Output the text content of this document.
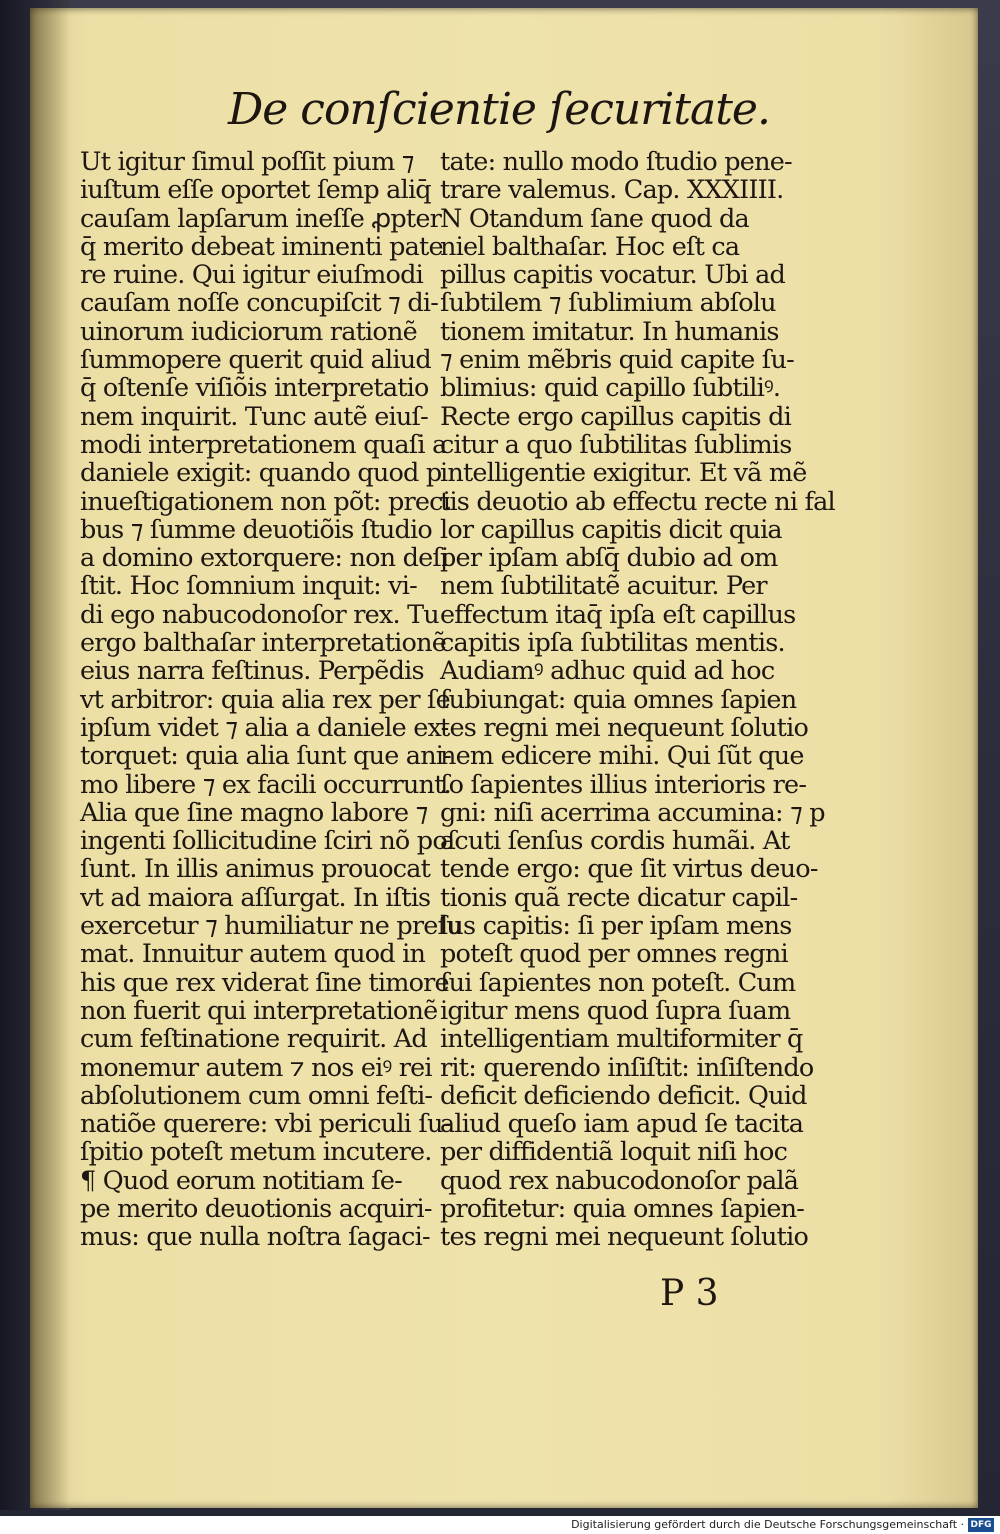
De conſcientie ſecuritate.
Ut igitur ſimul poſſit pium ⁊
iuſtum eſſe oportet ſemp aliq̄
cauſam lapſarum ineſſe ꝓpter
q̄ merito debeat iminenti pate
re ruine. Qui igitur eiuſmodi
cauſam noſſe concupiſcit ⁊ di-
uinorum iudiciorum rationẽ
ſummopere querit quid aliud
q̄ oſtenſe viſiõis interpretatio
nem inquirit. Tunc autẽ eiuſ-
modi interpretationem quaſi a
daniele exigit: quando quod p
inueſtigationem non põt: preci
bus ⁊ ſumme deuotiõis ſtudio
a domino extorquere: non deſi
ſtit. Hoc ſomnium inquit: vi-
di ego nabucodonoſor rex. Tu
ergo balthaſar interpretationẽ
eius narra feſtinus. Perpẽdis
vt arbitror: quia alia rex per ſe
ipſum videt ⁊ alia a daniele ex-
torquet: quia alia ſunt que ani-
mo libere ⁊ ex facili occurrunt.
Alia que ſine magno labore ⁊
ingenti ſollicitudine ſciri nõ poſ
ſunt. In illis animus prouocat
vt ad maiora aſſurgat. In iſtis
exercetur ⁊ humiliatur ne preſu
mat. Innuitur autem quod in
his que rex viderat ſine timore
non fuerit qui interpretationẽ
cum feſtinatione requirit. Ad
monemur autem ⁊ nos eiꝰ rei
abſolutionem cum omni feſti-
natiõe querere: vbi periculi ſu-
ſpitio poteſt metum incutere.
¶ Quod eorum notitiam ſe-
pe merito deuotionis acquiri-
mus: que nulla noſtra ſagaci-
tate: nullo modo ſtudio pene-
trare valemus. Cap. XXXIIII.
N Otandum ſane quod da
niel balthaſar. Hoc eſt ca
pillus capitis vocatur. Ubi ad
ſubtilem ⁊ ſublimium abſolu
tionem imitatur. In humanis
⁊ enim mẽbris quid capite ſu-
blimius: quid capillo ſubtiliꝰ.
Recte ergo capillus capitis di
citur a quo ſubtilitas ſublimis
intelligentie exigitur. Et vã mẽ
tis deuotio ab effectu recte ni fal
lor capillus capitis dicit quia
per ipſam abſq̄ dubio ad om
nem ſubtilitatẽ acuitur. Per
effectum itaq̄ ipſa eſt capillus
capitis ipſa ſubtilitas mentis.
Audiamꝰ adhuc quid ad hoc
ſubiungat: quia omnes ſapien
tes regni mei nequeunt ſolutio
nem edicere mihi. Qui ſũt que
ſo ſapientes illius interioris re-
gni: niſi acerrima accumina: ⁊ p
acuti ſenſus cordis humãi. At
tende ergo: que ſit virtus deuo-
tionis quã recte dicatur capil-
lus capitis: ſi per ipſam mens
poteſt quod per omnes regni
ſui ſapientes non poteſt. Cum
igitur mens quod ſupra ſuam
intelligentiam multiformiter q̄
rit: querendo inſiſtit: inſiſtendo
deficit deficiendo deficit. Quid
aliud queſo iam apud ſe tacita
per diffidentiã loquit niſi hoc
quod rex nabucodonoſor palã
profitetur: quia omnes ſapien-
tes regni mei nequeunt ſolutio
P 3
Digitalisierung gefördert durch die Deutsche Forschungsgemeinschaft · DFG
